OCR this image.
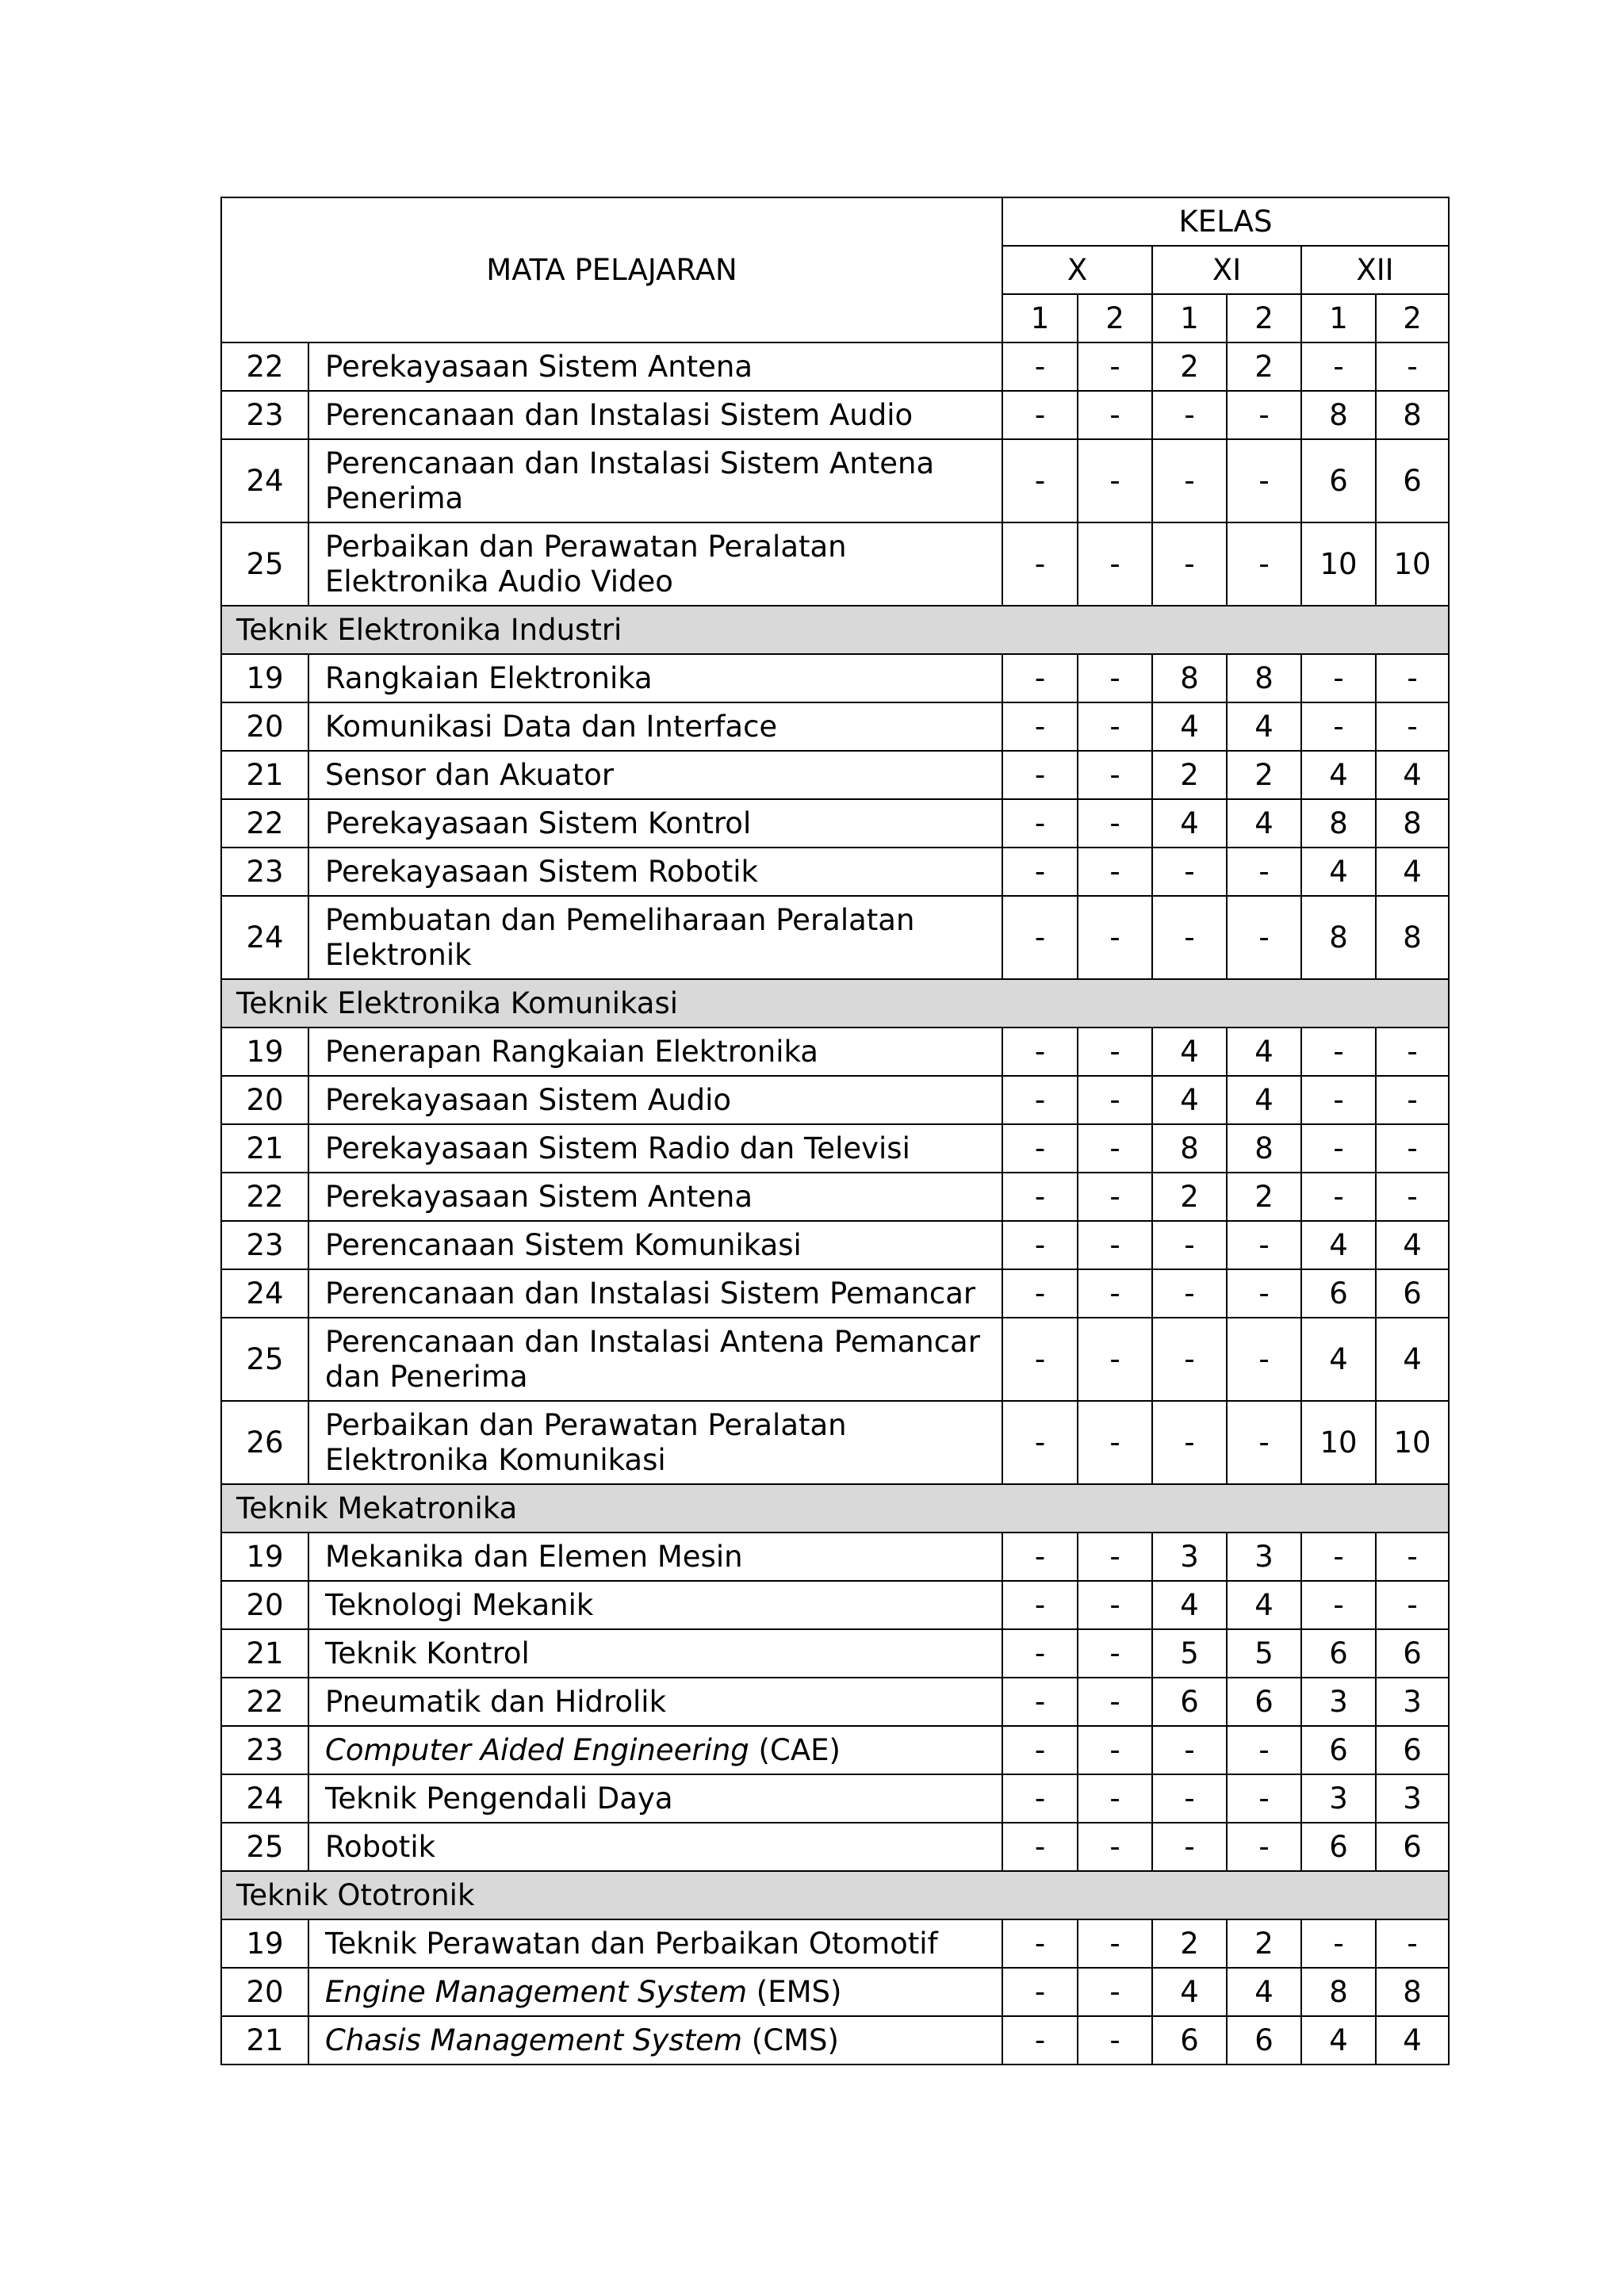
MATA PELAJARAN		KELAS					
		X		XI		XII	
		1	2	1	2	1	2
22	Perekayasaan Sistem Antena	-	-	2	2	-	-
23	Perencanaan dan Instalasi Sistem Audio	-	-	-	-	8	8
24	Perencanaan dan Instalasi Sistem Antena Penerima	-	-	-	-	6	6
25	Perbaikan dan Perawatan Peralatan Elektronika Audio Video	-	-	-	-	10	10
Teknik Elektronika Industri							
19	Rangkaian Elektronika	-	-	8	8	-	-
20	Komunikasi Data dan Interface	-	-	4	4	-	-
21	Sensor dan Akuator	-	-	2	2	4	4
22	Perekayasaan Sistem Kontrol	-	-	4	4	8	8
23	Perekayasaan Sistem Robotik	-	-	-	-	4	4
24	Pembuatan dan Pemeliharaan Peralatan Elektronik	-	-	-	-	8	8
Teknik Elektronika Komunikasi							
19	Penerapan Rangkaian Elektronika	-	-	4	4	-	-
20	Perekayasaan Sistem Audio	-	-	4	4	-	-
21	Perekayasaan Sistem Radio dan Televisi	-	-	8	8	-	-
22	Perekayasaan Sistem Antena	-	-	2	2	-	-
23	Perencanaan Sistem Komunikasi	-	-	-	-	4	4
24	Perencanaan dan Instalasi Sistem Pemancar	-	-	-	-	6	6
25	Perencanaan dan Instalasi Antena Pemancar dan Penerima	-	-	-	-	4	4
26	Perbaikan dan Perawatan Peralatan Elektronika Komunikasi	-	-	-	-	10	10
Teknik Mekatronika							
19	Mekanika dan Elemen Mesin	-	-	3	3	-	-
20	Teknologi Mekanik	-	-	4	4	-	-
21	Teknik Kontrol	-	-	5	5	6	6
22	Pneumatik dan Hidrolik	-	-	6	6	3	3
23	Computer Aided Engineering (CAE)	-	-	-	-	6	6
24	Teknik Pengendali Daya	-	-	-	-	3	3
25	Robotik	-	-	-	-	6	6
Teknik Ototronik							
19	Teknik Perawatan dan Perbaikan Otomotif	-	-	2	2	-	-
20	Engine Management System (EMS)	-	-	4	4	8	8
21	Chasis Management System (CMS)	-	-	6	6	4	4
